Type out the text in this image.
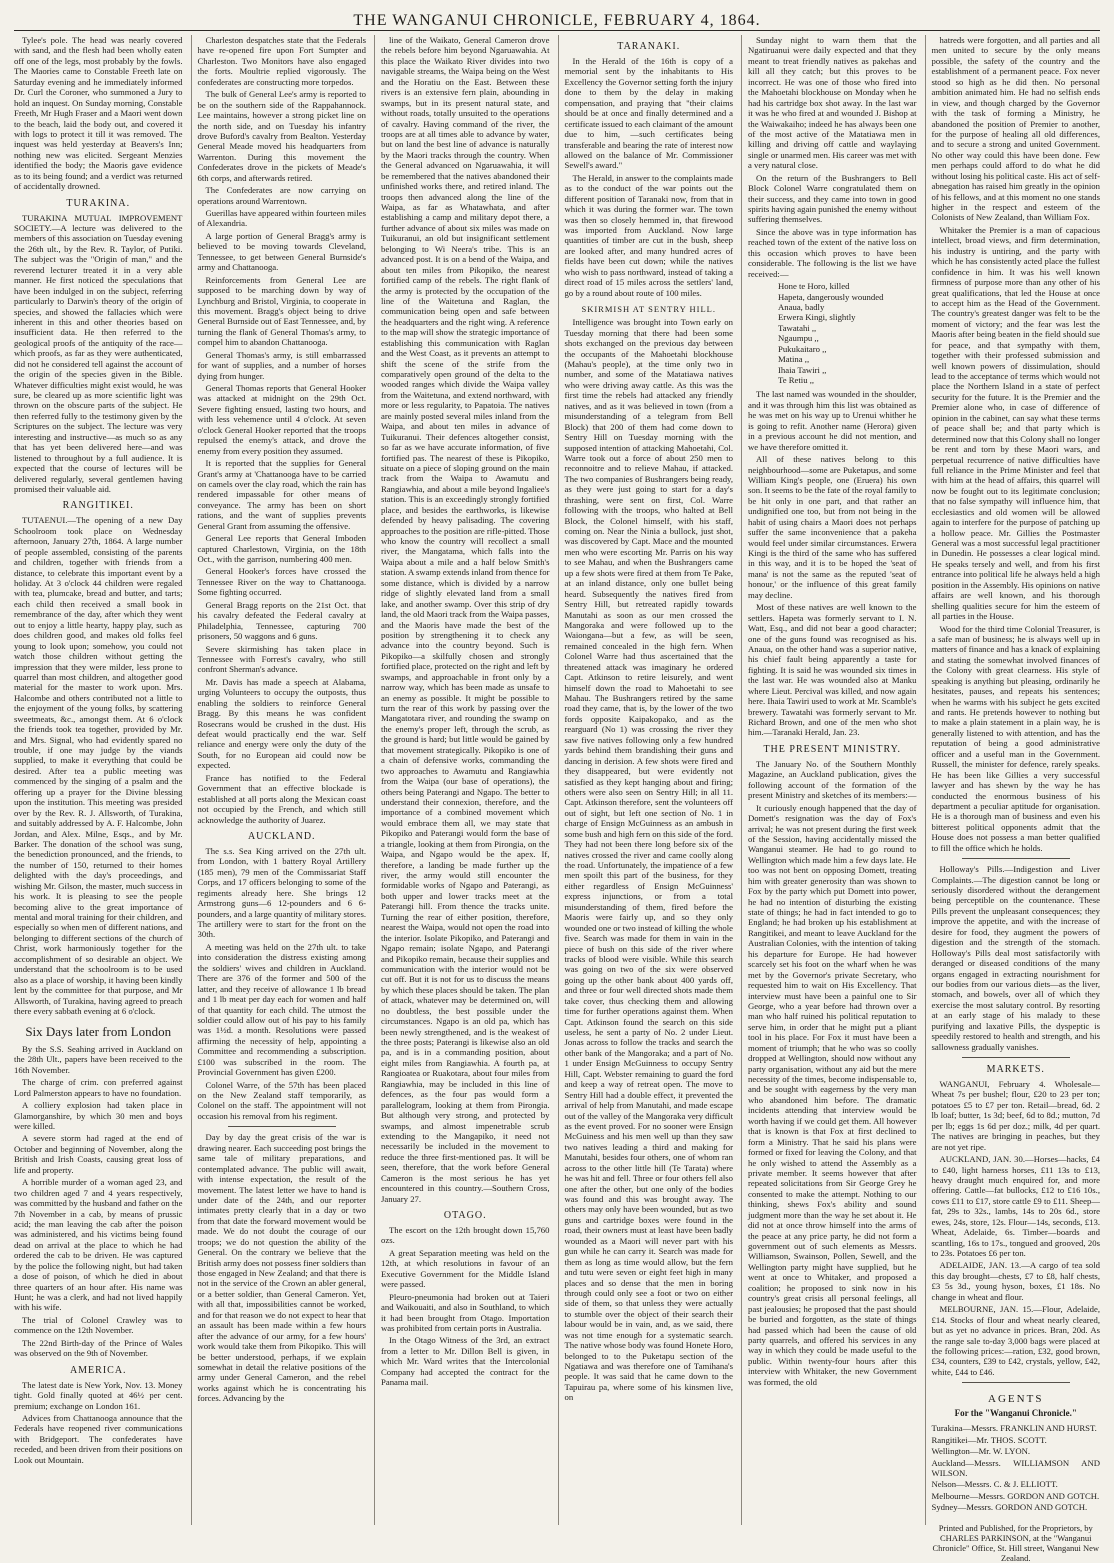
THE WANGANUI CHRONICLE, FEBRUARY 4, 1864.

Tylee's pole. The head was nearly covered with sand, and the flesh had been wholly eaten off one of the legs, most probably by the fowls. The Maories came to Constable Freeth late on Saturday evening and he immediately informed Dr. Curl the Coroner, who summoned a Jury to hold an inquest. On Sunday morning, Constable Freeth, Mr Hugh Fraser and a Maori went down to the beach, laid the body out, and covered it with logs to protect it till it was removed. The inquest was held yesterday at Beavers's Inn; nothing new was elicited. Sergeant Menzies identified the body; the Maoris gave evidence as to its being found; and a verdict was returned of accidentally drowned.

TURAKINA.

TURAKINA MUTUAL IMPROVEMENT SOCIETY.—A lecture was delivered to the members of this association on Tuesday evening the 26th ult., by the Rev. R. Taylor, of Putiki. The subject was the "Origin of man," and the reverend lecturer treated it in a very able manner. He first noticed the speculations that have been indulged in on the subject, referring particularly to Darwin's theory of the origin of species, and showed the fallacies which were inherent in this and other theories based on insufficient data. He then referred to the geological proofs of the antiquity of the race—which proofs, as far as they were authenticated, did not he considered tell against the account of the origin of the species given in the Bible. Whatever difficulties might exist would, he was sure, be cleared up as more scientific light was thrown on the obscure parts of the subject. He then referred fully to the testimony given by the Scriptures on the subject. The lecture was very interesting and instructive—as much so as any that has yet been delivered here—and was listened to throughout by a full audience. It is expected that the course of lectures will be delivered regularly, several gentlemen having promised their valuable aid.

RANGITIKEI.

TUTAENUI.—The opening of a new Day Schoolroom took place on Wednesday afternoon, January 27th, 1864. A large number of people assembled, consisting of the parents and children, together with friends from a distance, to celebrate this important event by a holiday. At 3 o'clock 44 children were regaled with tea, plumcake, bread and butter, and tarts; each child then received a small book in remembrance of the day, after which they went out to enjoy a little hearty, happy play, such as does children good, and makes old folks feel young to look upon; somehow, you could not watch those children without getting the impression that they were milder, less prone to quarrel than most children, and altogether good material for the master to work upon. Mrs. Halcombe and others contributed not a little to the enjoyment of the young folks, by scattering sweetmeats, &c., amongst them. At 6 o'clock the friends took tea together, provided by Mr. and Mrs. Signal, who had evidently spared no trouble, if one may judge by the viands supplied, to make it everything that could be desired. After tea a public meeting was commenced by the singing of a psalm and the offering up a prayer for the Divine blessing upon the institution. This meeting was presided over by the Rev. R. J. Allsworth, of Turakina, and suitably addressed by A. F. Halcombe, John Jordan, and Alex. Milne, Esqs., and by Mr. Barker. The donation of the school was sung, the benediction pronounced, and the friends, to the number of 150, returned to their homes delighted with the day's proceedings, and wishing Mr. Gilson, the master, much success in his work. It is pleasing to see the people becoming alive to the great importance of mental and moral training for their children, and especially so when men of different nations, and belonging to different sections of the church of Christ, work harmoniously together for the accomplishment of so desirable an object. We understand that the schoolroom is to be used also as a place of worship, it having been kindly lent by the committee for that purpose, and Mr Allsworth, of Turakina, having agreed to preach there every sabbath evening at 6 o'clock.

Six Days later from London

By the S.S. Seahing arrived in Auckland on the 28th Ult., papers have been received to the 16th November.

The charge of crim. con preferred against Lord Palmerston appears to have no foundation.

A colliery explosion had taken place in Glamorganshire, by which 30 men and boys were killed.

A severe storm had raged at the end of October and beginning of November, along the British and Irish Coasts, causing great loss of life and property.

A horrible murder of a woman aged 23, and two children aged 7 and 4 years respectively, was committed by the husband and father on the 7th November in a cab, by means of prussic acid; the man leaving the cab after the poison was administered, and his victims being found dead on arrival at the place to which he had ordered the cab to be driven. He was captured by the police the following night, but had taken a dose of poison, of which he died in about three quarters of an hour after. His name was Hunt; he was a clerk, and had not lived happily with his wife.

The trial of Colonel Crawley was to commence on the 12th November.

The 22nd Birth-day of the Prince of Wales was observed on the 9th of November.

AMERICA.

The latest date is New York, Nov. 13. Money tight. Gold finally quoted at 46½ per cent. premium; exchange on London 161.

Advices from Chattanooga announce that the Federals have reopened river communications with Bridgeport. The confederates have receded, and been driven from their positions on Look out Mountain.

Charleston despatches state that the Federals have re-opened fire upon Fort Sumpter and Charleston. Two Monitors have also engaged the forts. Moultrie replied vigorously. The confederates are constructing more torpedos.

The bulk of General Lee's army is reported to be on the southern side of the Rappahannock. Lee maintains, however a strong picket line on the north side, and on Tuesday his infantry drove Buford's cavalry from Bealton. Yesterday General Meade moved his headquarters from Warrenton. During this movement the Confederates drove in the pickets of Meade's 6th corps, and afterwards retired.

The Confederates are now carrying on operations around Warrentown.

Guerillas have appeared within fourteen miles of Alexandria.

A large portion of General Bragg's army is believed to be moving towards Cleveland, Tennessee, to get between General Burnside's army and Chattanooga.

Reinforcements from General Lee are supposed to be marching down by way of Lynchburg and Bristol, Virginia, to cooperate in this movement. Bragg's object being to drive General Burnside out of East Tennessee, and, by turning the flank of General Thomas's army, to compel him to abandon Chattanooga.

General Thomas's army, is still embarrassed for want of supplies, and a number of horses dying from hunger.

General Thomas reports that General Hooker was attacked at midnight on the 29th Oct. Severe fighting ensued, lasting two hours, and with less vehemence until 4 o'clock. At seven o'clock General Hooker reported that the troops repulsed the enemy's attack, and drove the enemy from every position they assumed.

It is reported that the supplies for General Grant's army at 'Chattanooga have to be carried on camels over the clay road, which the rain has rendered impassable for other means of conveyance. The army has been on short rations, and the want of supplies prevents General Grant from assuming the offensive.

General Lee reports that General Imboden captured Charlestown, Virginia, on the 18th Oct., with the garrison, numbering 400 men.

General Hooker's forces have crossed the Tennessee River on the way to Chattanooga. Some fighting occurred.

General Bragg reports on the 21st Oct. that his cavalry defeated the Federal cavalry at Philadelphia, Tennessee, capturing 700 prisoners, 50 waggons and 6 guns.

Severe skirmishing has taken place in Tennessee with Forrest's cavalry, who still confront Sherman's advance.

Mr. Davis has made a speech at Alabama, urging Volunteers to occupy the outposts, thus enabling the soldiers to reinforce General Bragg. By this means he was confident Rosecrans would be crushed in the dust. His defeat would practically end the war. Self reliance and energy were only the duty of the South, for no European aid could now be expected.

France has notified to the Federal Government that an effective blockade is established at all ports along the Mexican coast not occupied by the French, and which still acknowledge the authority of Juarez.

AUCKLAND.

The s.s. Sea King arrived on the 27th ult. from London, with 1 battery Royal Artillery (185 men), 79 men of the Commissariat Staff Corps, and 17 officers belonging to some of the regiments already here. She brings 12 Armstrong guns—6 12-pounders and 6 6-pounders, and a large quantity of military stores. The artillery were to start for the front on the 30th.

A meeting was held on the 27th ult. to take into consideration the distress existing among the soldiers' wives and children in Auckland. There are 376 of the former and 500 of the latter, and they receive of allowance 1 lb bread and 1 lb meat per day each for women and half of that quantity for each child. The utmost the soldier could allow out of his pay to his family was 1½d. a month. Resolutions were passed affirming the necessity of help, appointing a Committee and recommending a subscription. £100 was subscribed in the room. The Provincial Government has given £200.

Colonel Warre, of the 57th has been placed on the New Zealand staff temporarily, as Colonel on the staff. The appointment will not occasion his removal from his regiment.

Day by day the great crisis of the war is drawing nearer. Each succeeding post brings the same tale of military preparations, and contemplated advance. The public will await, with intense expectation, the result of the movement. The latest letter we have to hand is under date of the 24th, and our reporter intimates pretty clearly that in a day or two from that date the forward movement would be made. We do not doubt the courage of our troops; we do not question the ability of the General. On the contrary we believe that the British army does not possess finer soldiers than those engaged in New Zealand; and that there is not in the service of the Crown an abler general, or a better soldier, than General Cameron. Yet, with all that, impossibilities cannot be worked, and for that reason we do not expect to hear that an assault has been made within a few hours after the advance of our army, for a few hours' work would take them from Pikopiko. This will be better understood, perhaps, if we explain somewhat in detail the relative positions of the army under General Cameron, and the rebel works against which he is concentrating his forces. Advancing by the

line of the Waikato, General Cameron drove the rebels before him beyond Ngaruawahia. At this place the Waikato River divides into two navigable streams, the Waipa being on the West and the Horatiu on the East. Between these rivers is an extensive fern plain, abounding in swamps, but in its present natural state, and without roads, totally unsuited to the operations of cavalry. Having command of the river, the troops are at all times able to advance by water, but on land the best line of advance is naturally by the Maori tracks through the country. When the General advanced on Ngaruawahia, it will be remembered that the natives abandoned their unfinished works there, and retired inland. The troops then advanced along the line of the Waipa, as far as Whatawhata, and after establishing a camp and military depot there, a further advance of about six miles was made on Tuikuranui, an old but insignificant settlement belonging to Wi Neera's tribe. This is an advanced post. It is on a bend of the Waipa, and about ten miles from Pikopiko, the nearest fortified camp of the rebels. The right flank of the army is protected by the occupation of the line of the Waitetuna and Raglan, the communication being open and safe between the headquarters and the right wing. A reference to the map will show the strategic importance of establishing this communication with Raglan and the West Coast, as it prevents an attempt to shift the scene of the strife from the comparatively open ground of the delta to the wooded ranges which divide the Waipa valley from the Waitetuna, and extend northward, with more or less regularity, to Papatoia. The natives are mainly posted several miles inland from the Waipa, and about ten miles in advance of Tuikuranui. Their defences altogether consist, so far as we have accurate information, of five fortified pas. The nearest of these is Pikopiko, situate on a piece of sloping ground on the main track from the Waipa to Awamutu and Rangiawhia, and about a mile beyond Ingaliee's station. This is an exceedingly strongly fortified place, and besides the earthworks, is likewise defended by heavy palisading. The covering approaches to the position are rifle-pitted. Those who know the country will recollect a small river, the Mangatama, which falls into the Waipa about a mile and a half below Smith's station. A swamp extends inland from thence for some distance, which is divided by a narrow ridge of slightly elevated land from a small lake, and another swamp. Over this strip of dry land, the old Maori track from the Waipa passes, and the Maoris have made the best of the position by strengthening it to check any advance into the country beyond. Such is Pikopiko—a skilfully chosen and strongly fortified place, protected on the right and left by swamps, and approachable in front only by a narrow way, which has been made as unsafe to an enemy as possible. It might be possible to turn the rear of this work by passing over the Mangatotara river, and rounding the swamp on the enemy's proper left, through the scrub, as the ground is hard; but little would be gained by that movement strategically. Pikopiko is one of a chain of defensive works, commanding the two approaches to Awamutu and Rangiawhia from the Waipa (our base of operations), the others being Paterangi and Ngapo. The better to understand their connexion, therefore, and the importance of a combined movement which would embrace them all, we may state that Pikopiko and Paterangi would form the base of a triangle, looking at them from Pirongia, on the Waipa, and Ngapo would be the apex. If, therefore, a landing be made further up the river, the army would still encounter the formidable works of Ngapo and Paterangi, as both upper and lower tracks meet at the Paterangi hill. From thence the tracks unite. Turning the rear of either position, therefore, nearest the Waipa, would not open the road into the interior. Isolate Pikopiko, and Paterangi and Ngapo remain; isolate Ngapo, and Paterangi and Pikopiko remain, because their supplies and communication with the interior would not be cut off. But it is not for us to discuss the means by which these places should be taken. The plan of attack, whatever may be determined on, will no doubtless, the best possible under the circumstances. Ngapo is an old pa, which has been newly strengthened, and is the weakest of the three posts; Paterangi is likewise also an old pa, and is in a commanding position, about eight miles from Rangiawhia. A fourth pa, at Rangioatea or Ruakotara, about four miles from Rangiawhia, may be included in this line of defences, as the four pas would form a parallelogram, looking at them from Pirongia. But although very strong, and protected by swamps, and almost impenetrable scrub extending to the Mangapiko, it need not necessarily be included in the movement to reduce the three first-mentioned pas. It will be seen, therefore, that the work before General Cameron is the most serious he has yet encountered in this country.—Southern Cross, January 27.

OTAGO.

The escort on the 12th brought down 15,760 ozs.

A great Separation meeting was held on the 12th, at which resolutions in favour of an Executive Government for the Middle Island were passed.

Pleuro-pneumonia had broken out at Taieri and Waikouaiti, and also in Southland, to which it had been brought from Otago. Importation was prohibited from certain ports in Australia.

In the Otago Witness of the 3rd, an extract from a letter to Mr. Dillon Bell is given, in which Mr. Ward writes that the Intercolonial Company had accepted the contract for the Panama mail.

TARANAKI.

In the Herald of the 16th is copy of a memorial sent by the inhabitants to His Excellency the Governor setting forth the injury done to them by the delay in making compensation, and praying that "their claims should be at once and finally determined and a certificate issued to each claimant of the amount due to him, —such certificates being transferable and bearing the rate of interest now allowed on the balance of Mr. Commissioner Sewell's award."

The Herald, in answer to the complaints made as to the conduct of the war points out the different position of Taranaki now, from that in which it was during the former war. The town was then so closely hemmed in, that firewood was imported from Auckland. Now large quantities of timber are cut in the bush, sheep are looked after, and many hundred acres of fields have been cut down; while the natives who wish to pass northward, instead of taking a direct road of 15 miles across the settlers' land, go by a round about route of 100 miles.

SKIRMISH AT SENTRY HILL.

Intelligence was brought into Town early on Tuesday morning that there had been some shots exchanged on the previous day between the occupants of the Mahoetahi blockhouse (Mahau's people), at the time only two in number, and some of the Matatiawa natives who were driving away cattle. As this was the first time the rebels had attacked any friendly natives, and as it was believed in town (from a misunderstanding of a telegram from Bell Block) that 200 of them had come down to Sentry Hill on Tuesday morning with the supposed intention of attacking Mahoetahi, Col. Warre took out a force of about 250 men to reconnoitre and to relieve Mahau, if attacked. The two companies of Bushrangers being ready, as they were just going to start for a day's thrashing, were sent on first, Col. Warre following with the troops, who halted at Bell Block, the Colonel himself, with his staff, coming on. Near the Ninia a bullock, just shot, was discovered by Capt. Mace and the mounted men who were escorting Mr. Parris on his way to see Mahau, and when the Bushrangers came up a few shots were fired at them from Te Pake, at an inland distance, only one bullet being heard. Subsequently the natives fired from Sentry Hill, but retreated rapidly towards Manutahi as soon as our men crossed the Mangoraka and were followed up to the Waiongana—but a few, as will be seen, remained concealed in the high fern. When Colonel Warre had thus ascertained that the threatened attack was imaginary he ordered Capt. Atkinson to retire leisurely, and went himself down the road to Mahoetahi to see Mahau. The Bushrangers retired by the same road they came, that is, by the lower of the two fords opposite Kaipakopako, and as the rearguard (No 1) was crossing the river they saw five natives following only a few hundred yards behind them brandishing their guns and dancing in derision. A few shots were fired and they disappeared, but were evidently not satisfied as they kept hanging about and firing; others were also seen on Sentry Hill; in all 11. Capt. Atkinson therefore, sent the volunteers off out of sight, but left one section of No. 1 in charge of Ensign McGuinness as an ambush in some bush and high fern on this side of the ford. They had not been there long before six of the natives crossed the river and came coolly along the road. Unfortunately, the impatience of a few men spoilt this part of the business, for they either regardless of Ensign McGuinness' express injunctions, or from a total misunderstanding of them, fired before the Maoris were fairly up, and so they only wounded one or two instead of killing the whole five. Search was made for them in vain in the piece of bush on this side of the river where tracks of blood were visible. While this search was going on two of the six were observed going up the other bank about 400 yards off, and three or four well directed shots made them take cover, thus checking them and allowing time for further operations against them. When Capt. Atkinson found the search on this side useless, he sent a party of No. 2 under Lieut. Jonas across to follow the tracks and search the other bank of the Mangoraka; and a part of No. 1 under Ensign McGuinness to occupy Sentry Hill, Capt. Webster remaining to guard the ford and keep a way of retreat open. The move to Sentry Hill had a double effect, it prevented the arrival of help from Manutahi, and made escape out of the valley of the Mangoraka very difficult as the event proved. For no sooner were Ensign McGuiness and his men well up than they saw two natives leading a third and making for Manutahi, besides four others, one of whom ran across to the other little hill (Te Tarata) where he was hit and fell. Three or four others fell also one after the other, but one only of the bodies was found and this was brought away. The others may only have been wounded, but as two guns and cartridge boxes were found in the road, their owners must at least have been badly wounded as a Maori will never part with his gun while he can carry it. Search was made for them as long as time would allow, but the fern and tutu were seven or eight feet high in many places and so dense that the men in boring through could only see a foot or two on either side of them, so that unless they were actually to stumble over the object of their search their labour would be in vain, and, as we said, there was not time enough for a systematic search. The native whose body was found Honete Horo, belonged to to the Puketapu section of the Ngatiawa and was therefore one of Tamihana's people. It was said that he came down to the Tapuirau pa, where some of his kinsmen live, on

Sunday night to warn them that the Ngatiruanui were daily expected and that they meant to treat friendly natives as pakehas and kill all they catch; but this proves to be incorrect. He was one of those who fired into the Mahoetahi blockhouse on Monday when he had his cartridge box shot away. In the last war it was he who fired at and wounded J. Bishop at the Waiwakaiho; indeed he has always been one of the most active of the Matatiawa men in killing and driving off cattle and waylaying single or unarmed men. His career was met with a very natural close.

On the return of the Bushrangers to Bell Block Colonel Warre congratulated them on their success, and they came into town in good spirits having again punished the enemy without suffering themselves.

Since the above was in type information has reached town of the extent of the native loss on this occasion which proves to have been considerable. The following is the list we have received:—

Hone te Horo, killed
Hapeta, dangerously wounded
Anaua, badly
Erwera Kingi, slightly
Tawatahi ,,
Ngaumpu ,,
Pukukaitaro ,,
Matina ,,
Ihaia Tawiri ,,
Te Retiu ,,

The last named was wounded in the shoulder, and it was through him this list was obtained as he was met on his way up to Urenui whither he is going to refit. Another name (Herora) given in a previous account he did not mention, and we have therefore omitted it.

All of these natives belong to this neighbourhood—some are Puketapus, and some William King's people, one (Eruera) his own son. It seems to be the fate of the royal family to be hit only in one part, and that rather an undignified one too, but from not being in the habit of using chairs a Maori does not perhaps suffer the same inconvenience that a pakeha would feel under similar circumstances. Erwera Kingi is the third of the same who has suffered in this way, and it is to be hoped the 'seat of mana' is not the same as the reputed 'seat of honour,' or the influence of this great family may decline.

Most of these natives are well known to the settlers. Hapeta was formerly servant to I. N. Watt, Esq., and did not bear a good character; one of the guns found was recognised as his. Anaua, on the other hand was a superior native, his chief fault being apparently a taste for fighting. It is said he was wounded six times in the last war. He was wounded also at Manku where Lieut. Percival was killed, and now again here. Ihaia Tawiri used to work at Mr. Scamble's brewery. Tawatahi was formerly servant to Mr. Richard Brown, and one of the men who shot him.—Taranaki Herald, Jan. 23.

THE PRESENT MINISTRY.

The January No. of the Southern Monthly Magazine, an Auckland publication, gives the following account of the formation of the present Ministry and sketches of its members:—

It curiously enough happened that the day of Domett's resignation was the day of Fox's arrival; he was not present during the first week of the Session, having accidentally missed the Wanganui steamer. He had to go round to Wellington which made him a few days late. He too was not bent on opposing Domett, treating him with greater generosity than was shown to Fox by the party which put Domett into power, he had no intention of disturbing the existing state of things; he had in fact intended to go to England; he had broken up his establishment at Rangitikei, and meant to leave Auckland for the Australian Colonies, with the intention of taking his departure for Europe. He had however scarcely set his foot on the wharf when he was met by the Governor's private Secretary, who requested him to wait on His Excellency. That interview must have been a painful one to Sir George, who a year before had thrown over a man who half ruined his political reputation to serve him, in order that he might put a pliant tool in his place. For Fox it must have been a moment of triumph; that he who was so coolly dropped at Wellington, should now without any party organisation, without any aid but the mere necessity of the times, become indispensable to, and be sought with eagerness by the very man who abandoned him before. The dramatic incidents attending that interview would be worth having if we could get them. All however that is known is that Fox at first declined to form a Ministry. That he said his plans were formed or fixed for leaving the Colony, and that he only wished to attend the Assembly as a private member. It seems however that after repeated solicitations from Sir George Grey he consented to make the attempt. Nothing to our thinking, shews Fox's ability and sound judgment more than the way he set about it. He did not at once throw himself into the arms of the peace at any price party, he did not form a government out of such elements as Messrs. Williamson, Swainson, Pollen, Sewell, and the Wellington party might have supplied, but he went at once to Whitaker, and proposed a coalition; he proposed to sink now in his country's great crisis all personal feelings, all past jealousies; he proposed that the past should be buried and forgotten, as the state of things had passed which had been the cause of old party quarrels, and offered his services in any way in which they could be made useful to the public. Within twenty-four hours after this interview with Whitaker, the new Government was formed, the old

hatreds were forgotten, and all parties and all men united to secure by the only means possible, the safety of the country and the establishment of a permanent peace. Fox never stood so high as he did then. No personal ambition animated him. He had no selfish ends in view, and though charged by the Governor with the task of forming a Ministry, he abandoned the position of Premier to another, for the purpose of healing all old differences, and to secure a strong and united Government. No other way could this have been done. Few men perhaps could afford to do what he did without losing his political caste. His act of self-abnegation has raised him greatly in the opinion of his fellows, and at this moment no one stands higher in the respect and esteem of the Colonists of New Zealand, than William Fox.

Whitaker the Premier is a man of capacious intellect, broad views, and firm determination, his industry is untiring, and the party with which he has consistently acted place the fullest confidence in him. It was his well known firmness of purpose more than any other of his great qualifications, that led the House at once to accept him as the Head of the Government. The country's greatest danger was felt to be the moment of victory; and the fear was lest the Maoris after being beaten in the field should sue for peace, and that sympathy with them, together with their professed submission and well known powers of dissimulation, should lead to the acceptance of terms which would not place the Northern Island in a state of perfect security for the future. It is the Premier and the Premier alone who, in case of difference of opinion in the cabinet, can say what these terms of peace shall be; and that party which is determined now that this Colony shall no longer be rent and torn by these Maori wars, and perpetual recurrence of native difficulties have full reliance in the Prime Minister and feel that with him at the head of affairs, this quarrel will now be fought out to its legitimate conclusion; that no false sympathy will influence him, that ecclesiastics and old women will be allowed again to interfere for the purpose of patching up a hollow peace. Mr. Gillies the Postmaster General was a most successful legal practitioner in Dunedin. He possesses a clear logical mind. He speaks tersely and well, and from his first entrance into political life he always held a high position in the Assembly. His opinions on native affairs are well known, and his thorough shelling qualities secure for him the esteem of all parties in the House.

Wood for the third time Colonial Treasurer, is a safe man of business; he is always well up in matters of finance and has a knack of explaining and stating the somewhat involved finances of the Colony with great clearness. His style of speaking is anything but pleasing, ordinarily he hesitates, pauses, and repeats his sentences; when he warms with his subject he gets excited and rants. He pretends however to nothing but to make a plain statement in a plain way, he is generally listened to with attention, and has the reputation of being a good administrative officer and a useful man in the Government. Russell, the minister for defence, rarely speaks. He has been like Gillies a very successful lawyer and has shewn by the way he has conducted the enormous business of his department a peculiar aptitude for organisation. He is a thorough man of business and even his bitterest political opponents admit that the House does not possess a man better qualified to fill the office which he holds.

Holloway's Pills.—Indigestion and Liver Complaints.—The digestion cannot be long or seriously disordered without the derangement being perceptible on the countenance. These Pills prevent the unpleasant consequences; they improve the appetite, and with the increase of desire for food, they augment the powers of digestion and the strength of the stomach. Holloway's Pills deal most satisfactorily with deranged or diseased conditions of the many organs engaged in extracting nourishment for our bodies from our various diets—as the liver, stomach, and bowels, over all of which they exercise the most salutary control. By resorting at an early stage of his malady to these purifying and laxative Pills, the dyspeptic is speedily restored to health and strength, and his sallowness gradually vanishes.

MARKETS.

WANGANUI, February 4. Wholesale—Wheat 7s per bushel; flour, £20 to 23 per ton; potatoes £5 to £7 per ton. Retail—bread, 6d. 2 lb loaf; butter, 1s 3d; beef, 6d to 8d.; mutton, 7d per lb; eggs 1s 6d per doz.; milk, 4d per quart. The natives are bringing in peaches, but they are not yet ripe.

AUCKLAND, JAN. 30.—Horses—hacks, £4 to £40, light harness horses, £11 13s to £13, heavy draught much enquired for, and more offering. Cattle—fat bullocks, £12 to £16 10s., cows £11 to £17, store cattle £9 to £11. Sheep—fat, 29s to 32s., lambs, 14s to 20s 6d., store ewes, 24s, store, 12s. Flour—14s, seconds, £13. Wheat, Adelaide, 6s. Timber—boards and scantling, 16s to 17s., tongued and grooved, 20s to 23s. Potatoes £6 per ton.

ADELAIDE, JAN. 13.—A cargo of tea sold this day brought—chests, £7 to £8, half chests, £3 5s 3d., young hyson, boxes, £1 18s. No change in wheat and flour.

MELBOURNE, JAN. 15.—Flour, Adelaide, £14. Stocks of flour and wheat nearly cleared, but as yet no advance in prices. Bran, 20d. As the range sale to-day 3,000 bags were placed at the following prices:—ration, £32, good brown, £34, counters, £39 to £42, crystals, yellow, £42, white, £44 to £46.

AGENTS
For the "Wanganui Chronicle."
Turakina—Messrs. FRANKLIN AND HURST.
Rangitikei—Mr. THOS. SCOTT.
Wellington—Mr. W. LYON.
Auckland—Messrs. WILLIAMSON AND WILSON.
Nelson—Messrs. C. & J. ELLIOTT.
Melbourne—Messrs. GORDON AND GOTCH.
Sydney—Messrs. GORDON AND GOTCH.
Printed and Published, for the Proprietors, by CHARLES PARKINSON, at the "Wanganui Chronicle" Office, St. Hill street, Wanganui New Zealand.
